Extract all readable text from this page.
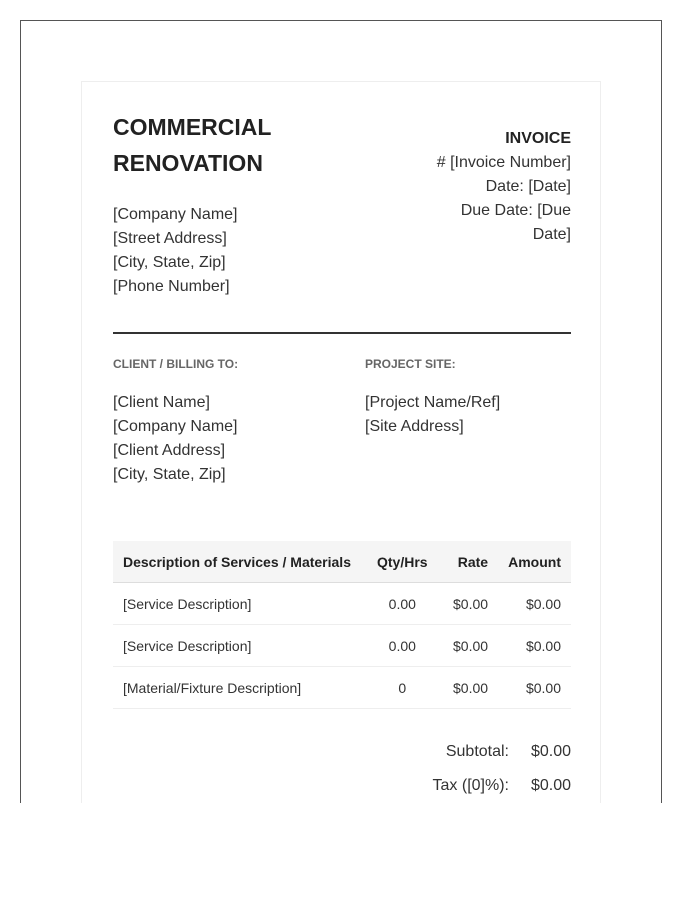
COMMERCIAL
RENOVATION
[Company Name]
[Street Address]
[City, State, Zip]
[Phone Number]
INVOICE
# [Invoice Number]
Date: [Date]
Due Date: [Due
Date]
CLIENT / BILLING TO:
[Client Name]
[Company Name]
[Client Address]
[City, State, Zip]
PROJECT SITE:
[Project Name/Ref]
[Site Address]
Description of Services / Materials	Qty/Hrs	Rate	Amount
[Service Description]	0.00	$0.00	$0.00
[Service Description]	0.00	$0.00	$0.00
[Material/Fixture Description]	0	$0.00	$0.00
Subtotal: $0.00
Tax ([0]%): $0.00
